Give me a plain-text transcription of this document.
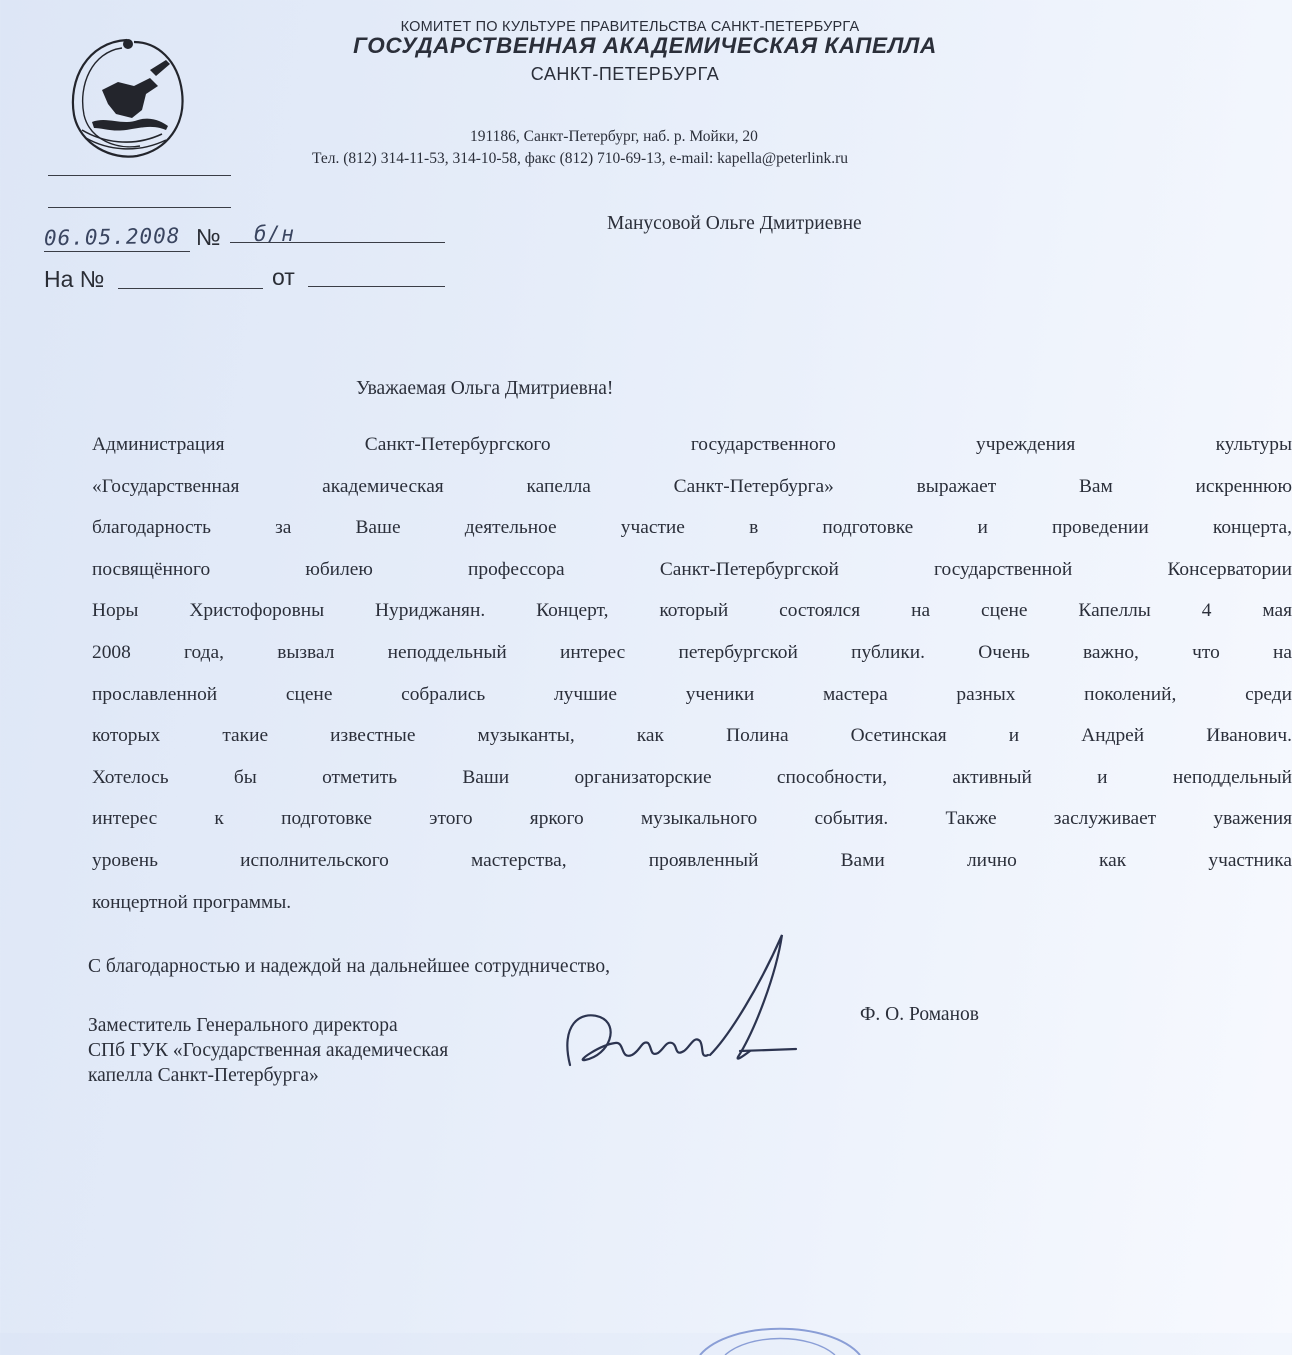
КОМИТЕТ ПО КУЛЬТУРЕ ПРАВИТЕЛЬСТВА САНКТ-ПЕТЕРБУРГА
ГОСУДАРСТВЕННАЯ АКАДЕМИЧЕСКАЯ КАПЕЛЛА
САНКТ-ПЕТЕРБУРГА
191186, Санкт-Петербург, наб. р. Мойки, 20
Тел. (812) 314-11-53, 314-10-58, факс (812) 710-69-13, e-mail: kapella@peterlink.ru
06.05.2008 № б/н
На №	от
Мануcовой Ольге Дмитриевне
Уважаемая Ольга Дмитриевна!
Администрация Санкт-Петербургского государственного учреждения культуры
«Государственная академическая капелла Санкт-Петербурга» выражает Вам искреннюю
благодарность за Ваше деятельное участие в подготовке и проведении концерта,
посвящённого юбилею профессора Санкт-Петербургской государственной Консерватории
Норы Христофоровны Нуриджанян. Концерт, который состоялся на сцене Капеллы 4 мая
2008 года, вызвал неподдельный интерес петербургской публики. Очень важно, что на
прославленной сцене собрались лучшие ученики мастера разных поколений, среди
которых такие известные музыканты, как Полина Осетинская и Андрей Иванович.
Хотелось бы отметить Ваши организаторские способности, активный и неподдельный
интерес к подготовке этого яркого музыкального события. Также заслуживает уважения
уровень исполнительского мастерства, проявленный Вами лично как участника
концертной программы.
С благодарностью и надеждой на дальнейшее сотрудничество,
Заместитель Генерального директора
СПб ГУК «Государственная академическая
капелла Санкт-Петербурга»
Ф. О. Романов
